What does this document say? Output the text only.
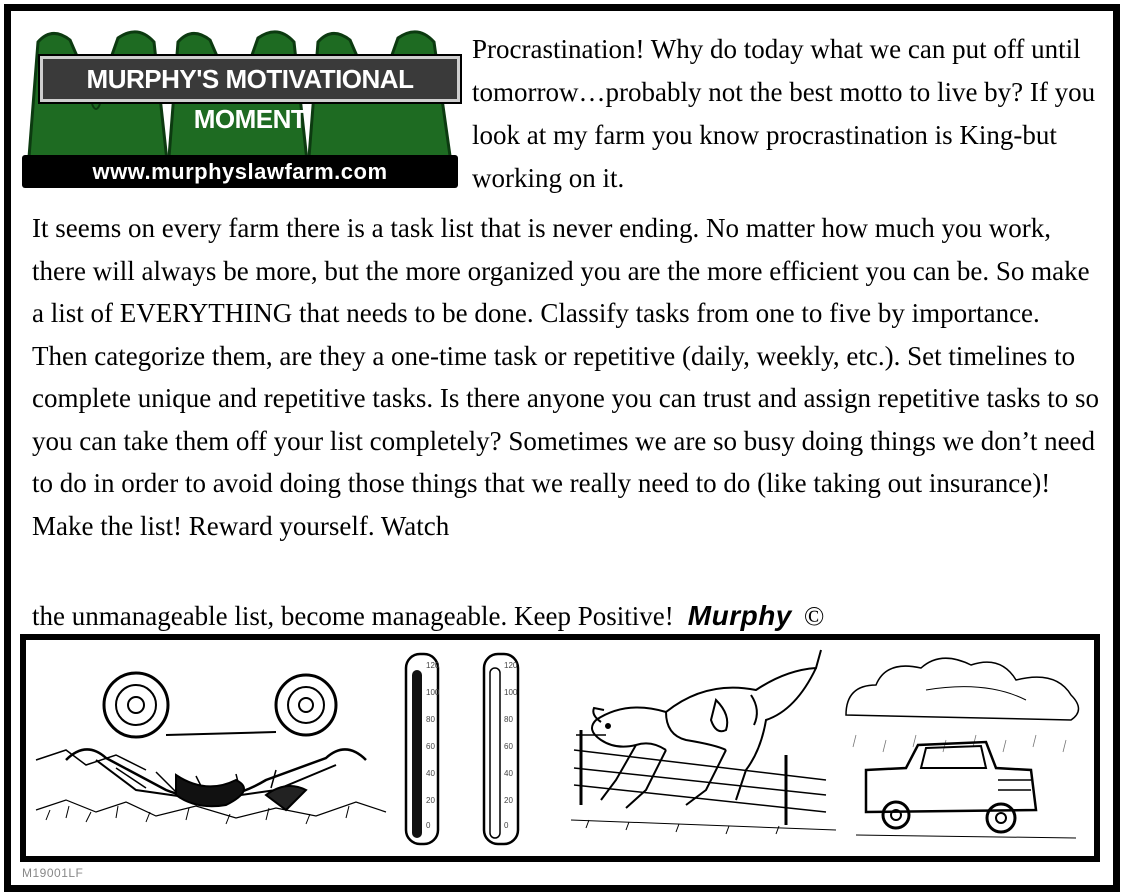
MURPHY'S MOTIVATIONAL MOMENT
www.murphyslawfarm.com

Procrastination! Why do today what we can put off until tomorrow…probably not the best motto to live by? If you look at my farm you know procrastination is King-but working on it.

It seems on every farm there is a task list that is never ending. No matter how much you work, there will always be more, but the more organized you are the more efficient you can be. So make a list of EVERYTHING that needs to be done. Classify tasks from one to five by importance. Then categorize them, are they a one-time task or repetitive (daily, weekly, etc.). Set timelines to complete unique and repetitive tasks. Is there anyone you can trust and assign repetitive tasks to so you can take them off your list completely? Sometimes we are so busy doing things we don’t need to do in order to avoid doing those things that we really need to do (like taking out insurance)! Make the list! Reward yourself. Watch

the unmanageable list, become manageable. Keep Positive! Murphy ©

120
100
80
60
40
20
0
120
100
80
60
40
20
0
M19001LF
